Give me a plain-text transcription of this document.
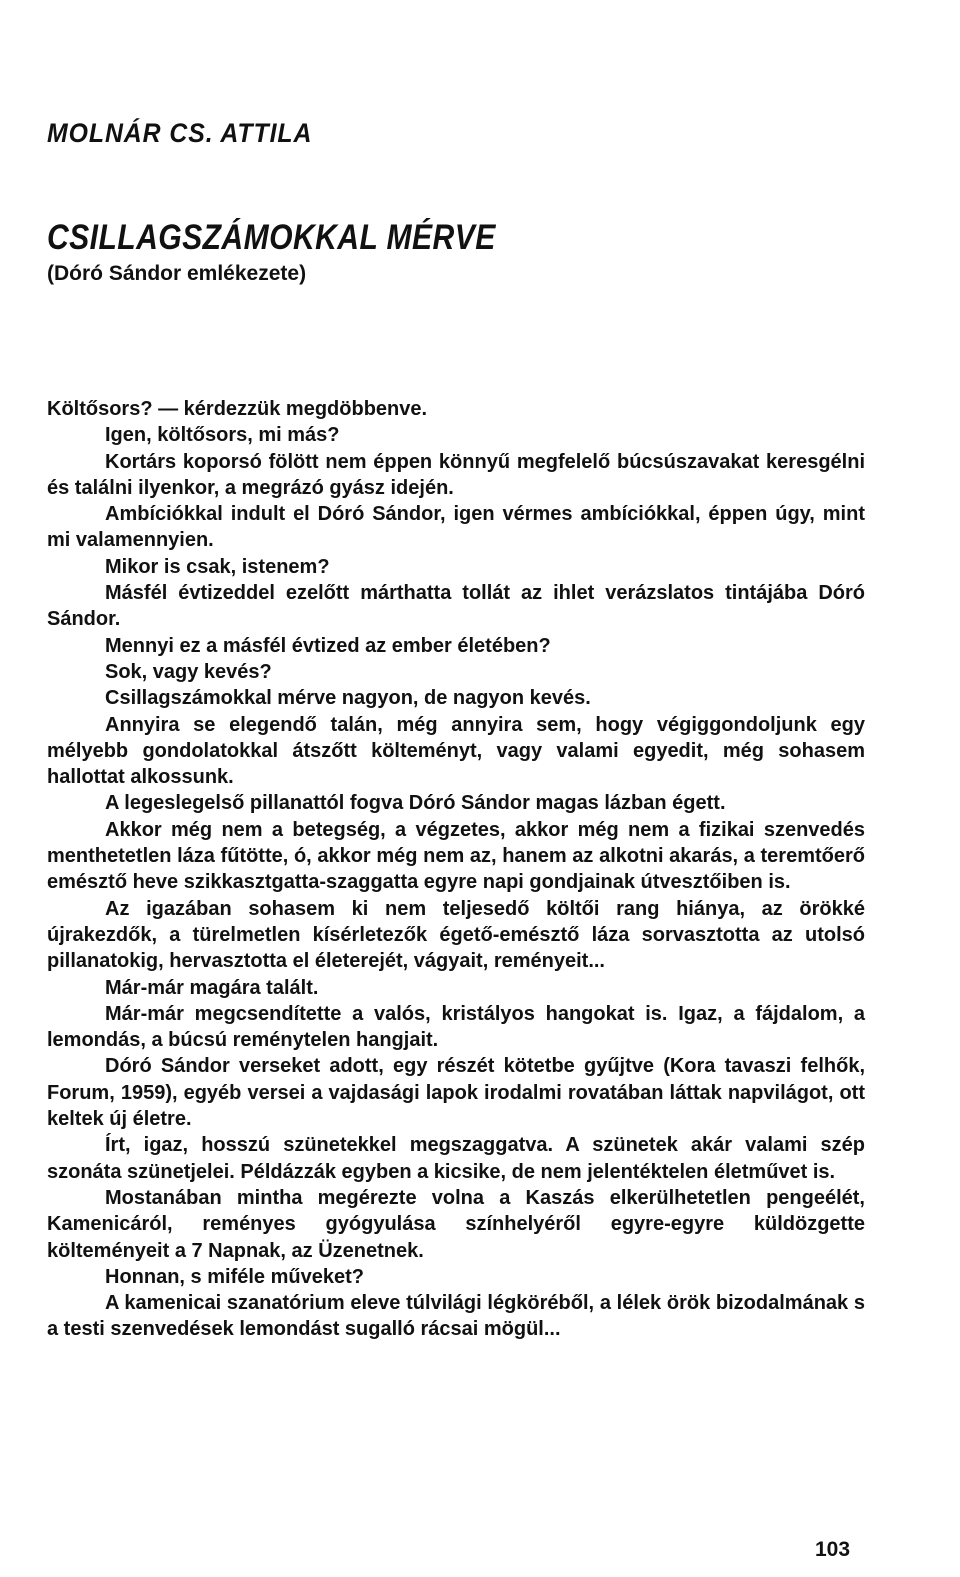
MOLNÁR CS. ATTILA
CSILLAGSZÁMOKKAL MÉRVE
(Dóró Sándor emlékezete)

Költősors? — kérdezzük megdöbbenve.

Igen, költősors, mi más?

Kortárs koporsó fölött nem éppen könnyű megfelelő búcsúszavakat keresgélni és találni ilyenkor, a megrázó gyász idején.

Ambíciókkal indult el Dóró Sándor, igen vérmes ambíciókkal, éppen úgy, mint mi valamennyien.

Mikor is csak, istenem?

Másfél évtizeddel ezelőtt márthatta tollát az ihlet verázslatos tintájába Dóró Sándor.

Mennyi ez a másfél évtized az ember életében?

Sok, vagy kevés?

Csillagszámokkal mérve nagyon, de nagyon kevés.

Annyira se elegendő talán, még annyira sem, hogy végiggondoljunk egy mélyebb gondolatokkal átszőtt költeményt, vagy valami egyedit, még sohasem hallottat alkossunk.

A legeslegelső pillanattól fogva Dóró Sándor magas lázban égett.

Akkor még nem a betegség, a végzetes, akkor még nem a fizikai szenvedés menthetetlen láza fűtötte, ó, akkor még nem az, hanem az alkotni akarás, a teremtőerő emésztő heve szikkasztgatta-szaggatta egyre napi gondjainak útvesztőiben is.

Az igazában sohasem ki nem teljesedő költői rang hiánya, az örökké újrakezdők, a türelmetlen kísérletezők égető-emésztő láza sorvasztotta az utolsó pillanatokig, hervasztotta el életerejét, vágyait, reményeit...

Már-már magára talált.

Már-már megcsendítette a valós, kristályos hangokat is. Igaz, a fájdalom, a lemondás, a búcsú reménytelen hangjait.

Dóró Sándor verseket adott, egy részét kötetbe gyűjtve (Kora tavaszi felhők, Forum, 1959), egyéb versei a vajdasági lapok irodalmi rovatában láttak napvilágot, ott keltek új életre.

Írt, igaz, hosszú szünetekkel megszaggatva. A szünetek akár valami szép szonáta szünetjelei. Példázzák egyben a kicsike, de nem jelentéktelen életművet is.

Mostanában mintha megérezte volna a Kaszás elkerülhetetlen pengeélét, Kamenicáról, reményes gyógyulása színhelyéről egyre-egyre küldözgette költeményeit a 7 Napnak, az Üzenetnek.

Honnan, s miféle műveket?

A kamenicai szanatórium eleve túlvilági légköréből, a lélek örök bizodalmának s a testi szenvedések lemondást sugalló rácsai mögül...

103
